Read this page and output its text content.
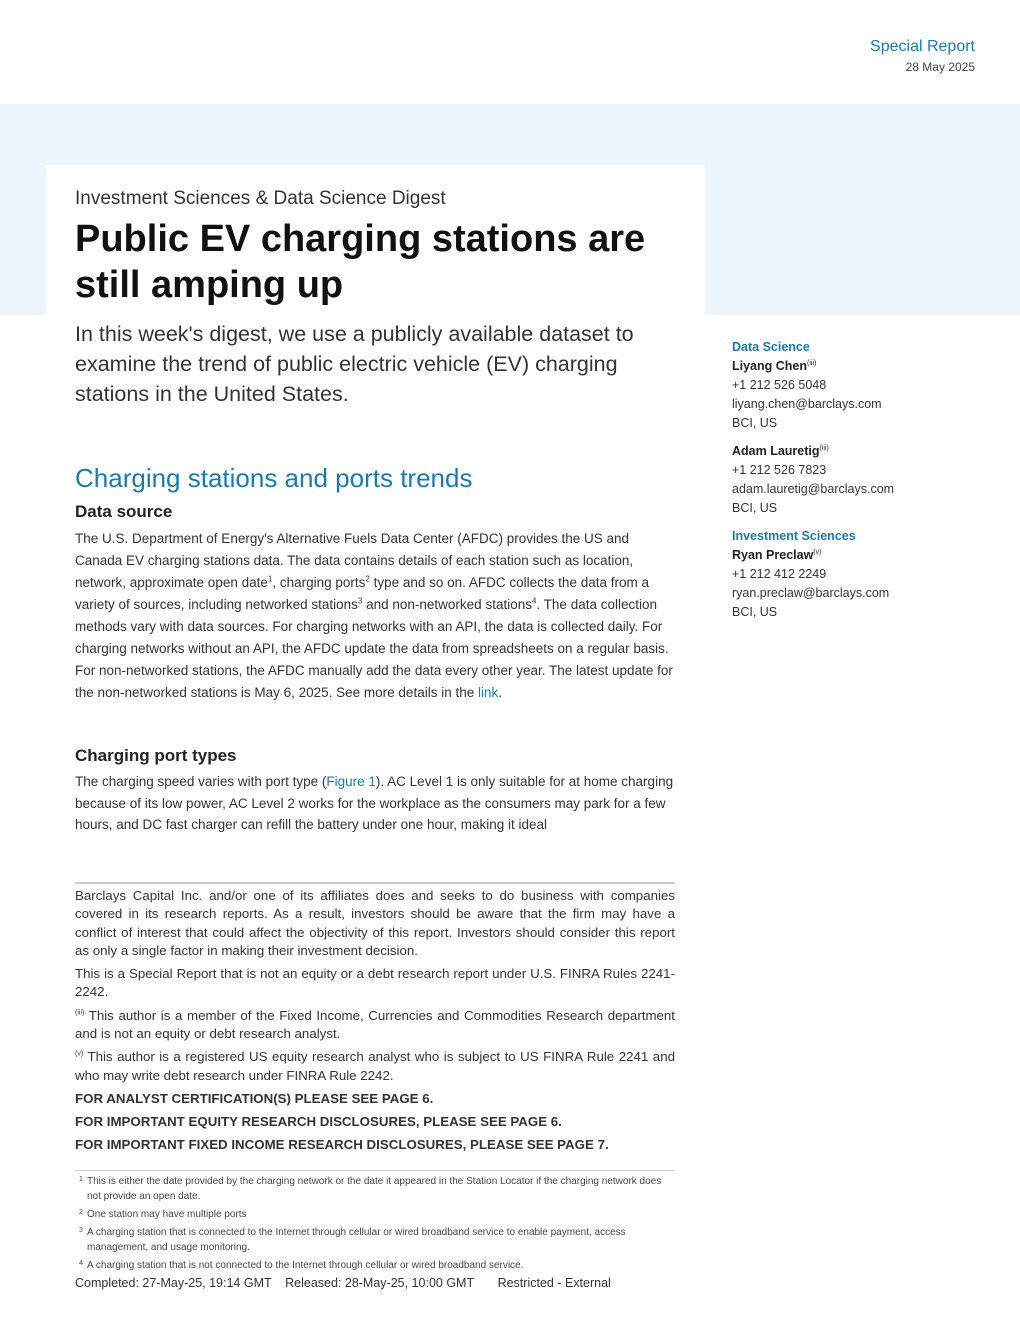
Special Report
28 May 2025
Investment Sciences & Data Science Digest
Public EV charging stations are still amping up

In this week's digest, we use a publicly available dataset to examine the trend of public electric vehicle (EV) charging stations in the United States.

Charging stations and ports trends
Data source

The U.S. Department of Energy's Alternative Fuels Data Center (AFDC) provides the US and Canada EV charging stations data. The data contains details of each station such as location, network, approximate open date$^1$, charging ports$^2$ type and so on. AFDC collects the data from a variety of sources, including networked stations$^3$ and non-networked stations$^4$. The data collection methods vary with data sources. For charging networks with an API, the data is collected daily. For charging networks without an API, the AFDC update the data from spreadsheets on a regular basis. For non-networked stations, the AFDC manually add the data every other year. The latest update for the non-networked stations is May 6, 2025. See more details in the link.

Charging port types

The charging speed varies with port type (Figure 1). AC Level 1 is only suitable for at home charging because of its low power, AC Level 2 works for the workplace as the consumers may park for a few hours, and DC fast charger can refill the battery under one hour, making it ideal

Data Science
Liyang Chen$^{(iii)}$
+1 212 526 5048
liyang.chen@barclays.com
BCI, US
Adam Lauretig$^{(iii)}$
+1 212 526 7823
adam.lauretig@barclays.com
BCI, US
Investment Sciences
Ryan Preclaw$^{(v)}$
+1 212 412 2249
ryan.preclaw@barclays.com
BCI, US

Barclays Capital Inc. and/or one of its affiliates does and seeks to do business with companies covered in its research reports. As a result, investors should be aware that the firm may have a conflict of interest that could affect the objectivity of this report. Investors should consider this report as only a single factor in making their investment decision.

This is a Special Report that is not an equity or a debt research report under U.S. FINRA Rules 2241-2242.

$^{(iii)}$ This author is a member of the Fixed Income, Currencies and Commodities Research department and is not an equity or debt research analyst.

$^{(v)}$ This author is a registered US equity research analyst who is subject to US FINRA Rule 2241 and who may write debt research under FINRA Rule 2242.

FOR ANALYST CERTIFICATION(S) PLEASE SEE PAGE 6.
FOR IMPORTANT EQUITY RESEARCH DISCLOSURES, PLEASE SEE PAGE 6.
FOR IMPORTANT FIXED INCOME RESEARCH DISCLOSURES, PLEASE SEE PAGE 7.
1 This is either the date provided by the charging network or the date it appeared in the Station Locator if the charging network does not provide an open date.
2 One station may have multiple ports
3 A charging station that is connected to the Internet through cellular or wired broadband service to enable payment, access management, and usage monitoring.
4 A charging station that is not connected to the Internet through cellular or wired broadband service.
Completed: 27-May-25, 19:14 GMT Released: 28-May-25, 10:00 GMT Restricted - External
